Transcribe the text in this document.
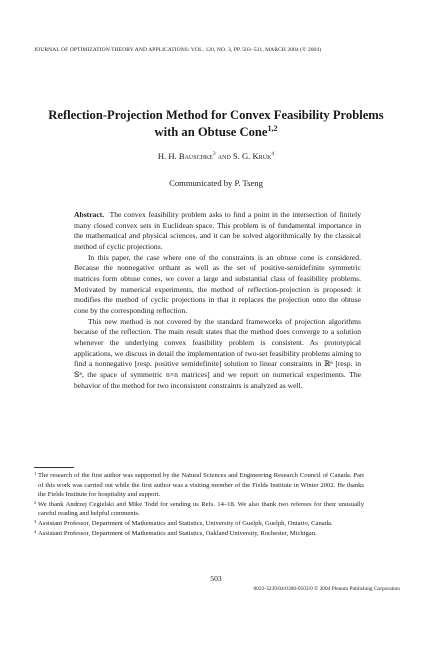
JOURNAL OF OPTIMIZATION THEORY AND APPLICATIONS: VOL. 120, NO. 3, PP. 503–531, MARCH 2004 (© 2004)
Reflection-Projection Method for Convex Feasibility Problems with an Obtuse Cone$^{1,2}$
H. H. Bauschke$^3$ and S. G. Kruk$^4$
Communicated by P. Tseng

Abstract. The convex feasibility problem asks to find a point in the intersection of finitely many closed convex sets in Euclidean space. This problem is of fundamental importance in the mathematical and physical sciences, and it can be solved algorithmically by the classical method of cyclic projections.

In this paper, the case where one of the constraints is an obtuse cone is considered. Because the nonnegative orthant as well as the set of positive-semidefinite symmetric matrices form obtuse cones, we cover a large and substantial class of feasibility problems. Motivated by numerical experiments, the method of reflection-projection is proposed: it modifies the method of cyclic projections in that it replaces the projection onto the obtuse cone by the corresponding reflection.

This new method is not covered by the standard frameworks of projection algorithms because of the reflection. The main result states that the method does converge to a solution whenever the underlying convex feasibility problem is consistent. As prototypical applications, we discuss in detail the implementation of two-set feasibility problems aiming to find a nonnegative [resp. positive semidefinite] solution to linear constraints in ℝⁿ [resp. in 𝕊ⁿ, the space of symmetric n×n matrices] and we report on numerical experiments. The behavior of the method for two inconsistent constraints is analyzed as well.

1 The research of the first author was supported by the Natural Sciences and Engineering Research Council of Canada. Part of this work was carried out while the first author was a visiting member of the Fields Institute in Winter 2002. He thanks the Fields Institute for hospitality and support.

2 We thank Andrzej Cegielski and Mike Todd for sending us Refs. 14–18. We also thank two referees for their unusually careful reading and helpful comments.

3 Assistant Professor, Department of Mathematics and Statistics, University of Guelph, Guelph, Ontario, Canada.

4 Assistant Professor, Department of Mathematics and Statistics, Oakland University, Rochester, Michigan.

503
0022-3239/04/0300-0503/0 © 2004 Plenum Publishing Corporation
